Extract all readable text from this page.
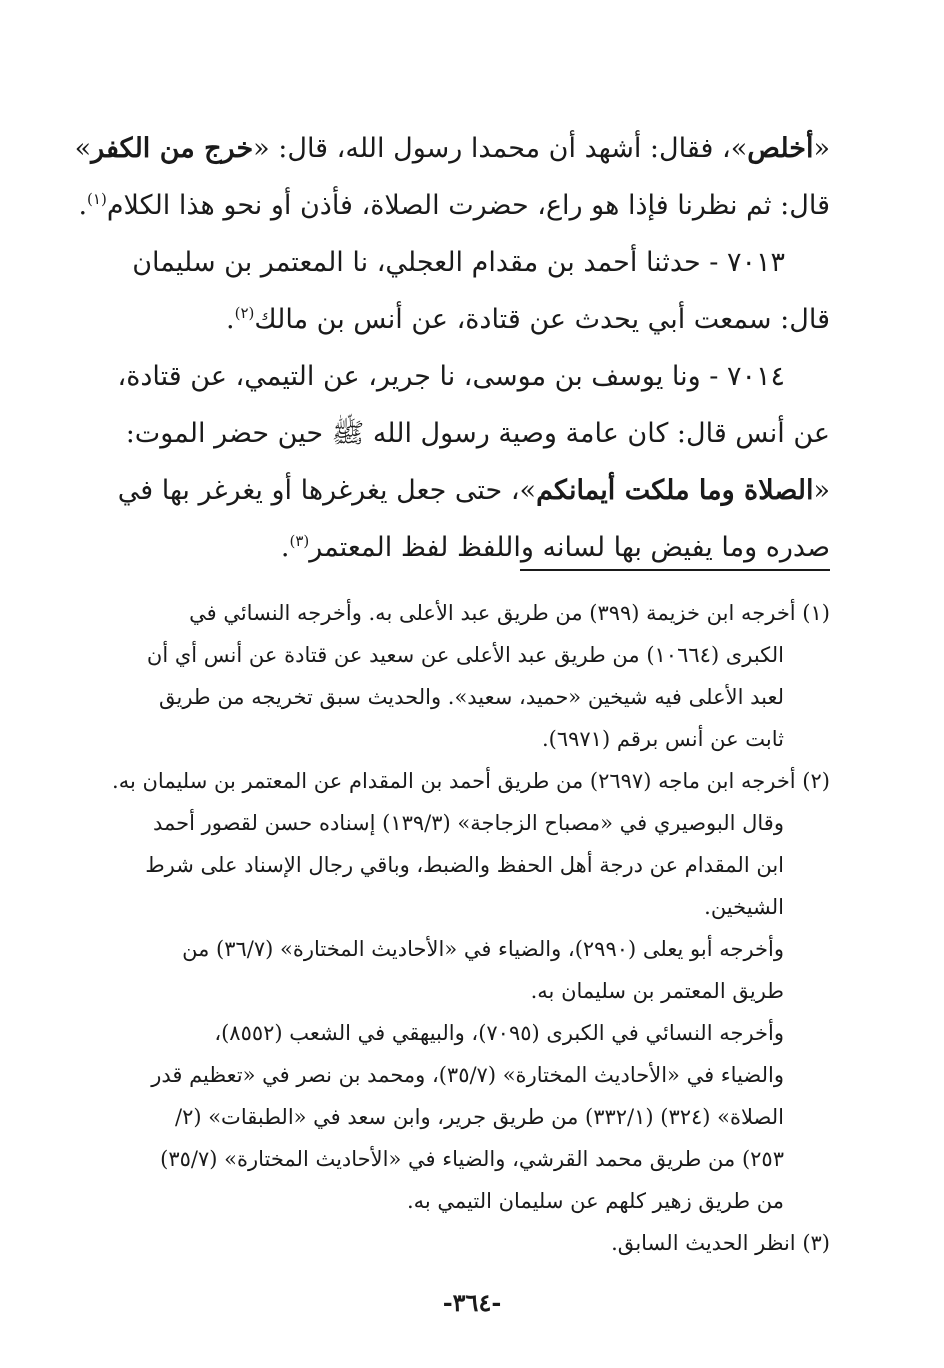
«أخلص»، فقال: أشهد أن محمدا رسول الله، قال: «خرج من الكفر»
قال: ثم نظرنا فإذا هو راع، حضرت الصلاة، فأذن أو نحو هذا الكلام$^{(١)}$.
٧٠١٣ - حدثنا أحمد بن مقدام العجلي، نا المعتمر بن سليمان
قال: سمعت أبي يحدث عن قتادة، عن أنس بن مالك$^{(٢)}$.
٧٠١٤ - ونا يوسف بن موسى، نا جرير، عن التيمي، عن قتادة،
عن أنس قال: كان عامة وصية رسول الله ﷺ حين حضر الموت:
«الصلاة وما ملكت أيمانكم»، حتى جعل يغرغرها أو يغرغر بها في
صدره وما يفيض بها لسانه واللفظ لفظ المعتمر$^{(٣)}$.
(١) أخرجه ابن خزيمة (٣٩٩) من طريق عبد الأعلى به. وأخرجه النسائي في
الكبرى (١٠٦٦٤) من طريق عبد الأعلى عن سعيد عن قتادة عن أنس أي أن
لعبد الأعلى فيه شيخين «حميد، سعيد». والحديث سبق تخريجه من طريق
ثابت عن أنس برقم (٦٩٧١).
(٢) أخرجه ابن ماجه (٢٦٩٧) من طريق أحمد بن المقدام عن المعتمر بن سليمان به.
وقال البوصيري في «مصباح الزجاجة» (١٣٩/٣) إسناده حسن لقصور أحمد
ابن المقدام عن درجة أهل الحفظ والضبط، وباقي رجال الإسناد على شرط
الشيخين.
وأخرجه أبو يعلى (٢٩٩٠)، والضياء في «الأحاديث المختارة» (٣٦/٧) من
طريق المعتمر بن سليمان به.
وأخرجه النسائي في الكبرى (٧٠٩٥)، والبيهقي في الشعب (٨٥٥٢)،
والضياء في «الأحاديث المختارة» (٣٥/٧)، ومحمد بن نصر في «تعظيم قدر
الصلاة» (٣٢٤) (٣٣٢/١) من طريق جرير، وابن سعد في «الطبقات» (٢/
٢٥٣) من طريق محمد القرشي، والضياء في «الأحاديث المختارة» (٣٥/٧)
من طريق زهير كلهم عن سليمان التيمي به.
(٣) انظر الحديث السابق.
-٣٦٤-
